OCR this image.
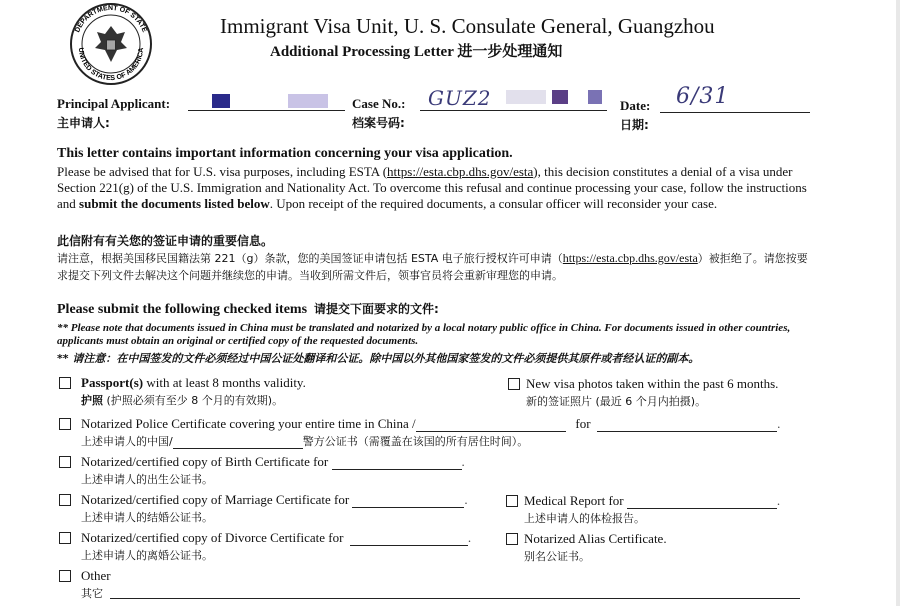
DEPARTMENT OF STATE
UNITED STATES OF AMERICA
Immigrant Visa Unit, U. S. Consulate General, Guangzhou
Additional Processing Letter 进一步处理通知
Principal Applicant:
主申请人:
Case No.:
档案号码:
GUZ2	Date:
日期:
6/31
This letter contains important information concerning your visa application.
Please be advised that for U.S. visa purposes, including ESTA (https://esta.cbp.dhs.gov/esta), this decision constitutes a denial of a visa under Section 221(g) of the U.S. Immigration and Nationality Act. To overcome this refusal and continue processing your case, follow the instructions and submit the documents listed below. Upon receipt of the required documents, a consular officer will reconsider your case.
此信附有有关您的签证申请的重要信息。
请注意，根据美国移民国籍法第 221（g）条款，您的美国签证申请包括 ESTA 电子旅行授权许可申请（https://esta.cbp.dhs.gov/esta）被拒绝了。请您按要求提交下列文件去解决这个问题并继续您的申请。当收到所需文件后，领事官员将会重新审理您的申请。
Please submit the following checked items 请提交下面要求的文件:
** Please note that documents issued in China must be translated and notarized by a local notary public office in China. For documents issued in other countries, applicants must obtain an original or certified copy of the requested documents.
** 请注意：在中国签发的文件必须经过中国公证处翻译和公证。除中国以外其他国家签发的文件必须提供其原件或者经认证的副本。
Passport(s) with at least 8 months validity.
护照 (护照必须有至少 8 个月的有效期)。
New visa photos taken within the past 6 months.
新的签证照片 (最近 6 个月内拍摄)。
Notarized Police Certificate covering your entire time in China /	for	.
上述申请人的中国/	警方公证书（需覆盖在该国的所有居住时间）。
Notarized/certified copy of Birth Certificate for	.
上述申请人的出生公证书。
Notarized/certified copy of Marriage Certificate for	.
上述申请人的结婚公证书。
Medical Report for	.
上述申请人的体检报告。
Notarized/certified copy of Divorce Certificate for	.
上述申请人的离婚公证书。
Notarized Alias Certificate.
别名公证书。
Other
其它
